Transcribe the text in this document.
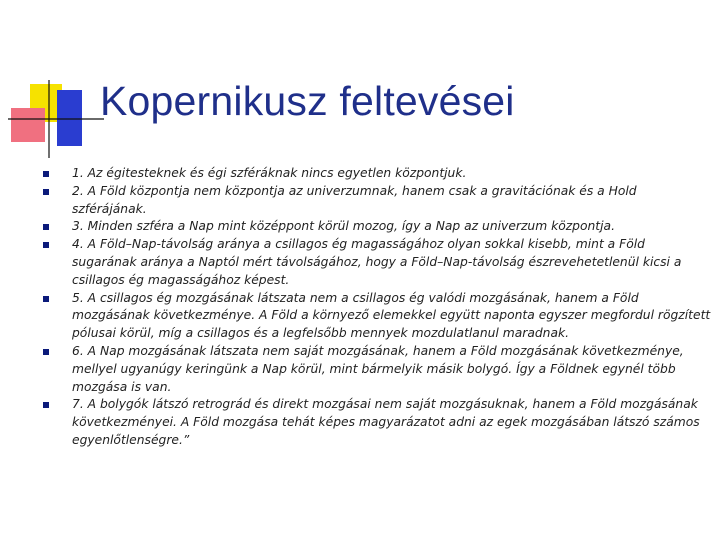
Kopernikusz feltevései
1. Az égitesteknek és égi szféráknak nincs egyetlen központjuk.
2. A Föld központja nem központja az univerzumnak, hanem csak a gravitációnak és a Hold szférájának.
3. Minden szféra a Nap mint középpont körül mozog, így a Nap az univerzum központja.
4. A Föld–Nap-távolság aránya a csillagos ég magasságához olyan sokkal kisebb, mint a Föld sugarának aránya a Naptól mért távolságához, hogy a Föld–Nap-távolság észrevehetetlenül kicsi a csillagos ég magasságához képest.
5. A csillagos ég mozgásának látszata nem a csillagos ég valódi mozgásának, hanem a Föld mozgásának következménye. A Föld a környező elemekkel együtt naponta egyszer megfordul rögzített pólusai körül, míg a csillagos és a legfelsőbb mennyek mozdulatlanul maradnak.
6. A Nap mozgásának látszata nem saját mozgásának, hanem a Föld mozgásának következménye, mellyel ugyanúgy keringünk a Nap körül, mint bármelyik másik bolygó. Így a Földnek egynél több mozgása is van.
7. A bolygók látszó retrográd és direkt mozgásai nem saját mozgásuknak, hanem a Föld mozgásának következményei. A Föld mozgása tehát képes magyarázatot adni az egek mozgásában látszó számos egyenlőtlenségre.”
